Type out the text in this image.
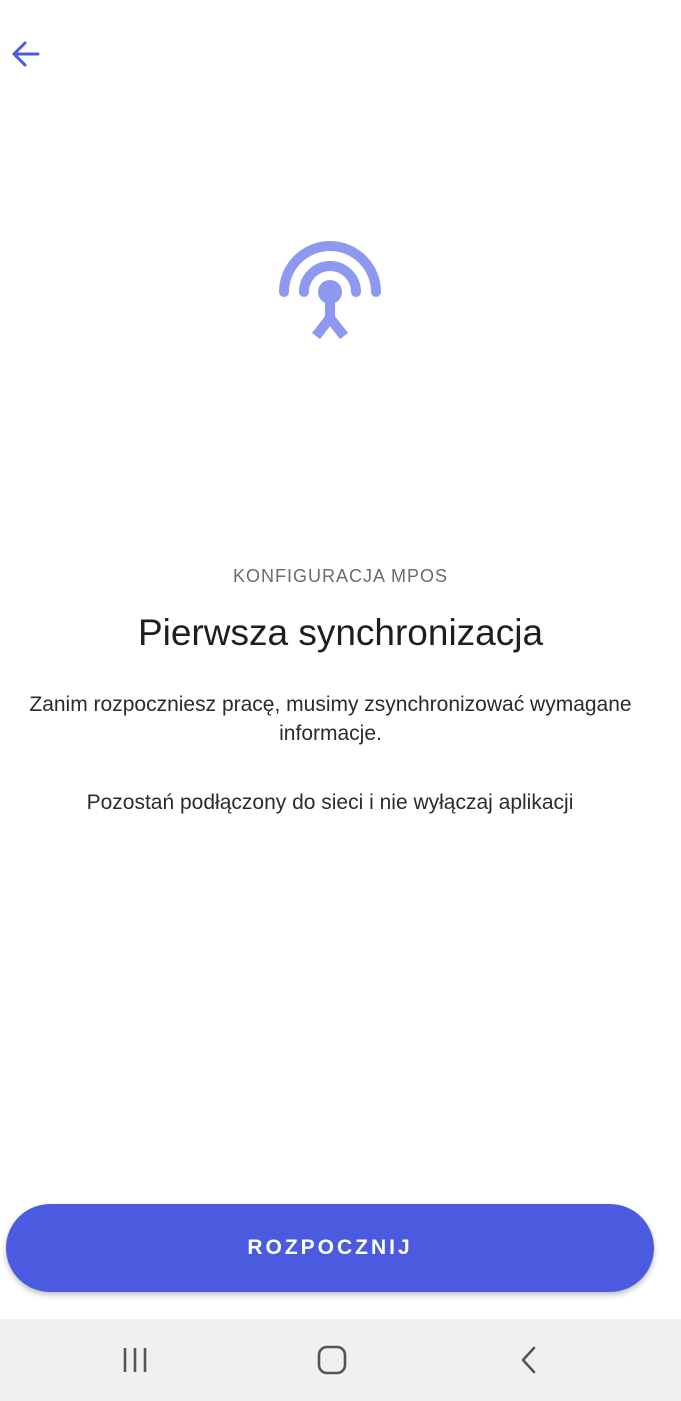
KONFIGURACJA MPOS
Pierwsza synchronizacja
Zanim rozpoczniesz pracę, musimy zsynchronizować wymagane informacje.
Pozostań podłączony do sieci i nie wyłączaj aplikacji
ROZPOCZNIJ
